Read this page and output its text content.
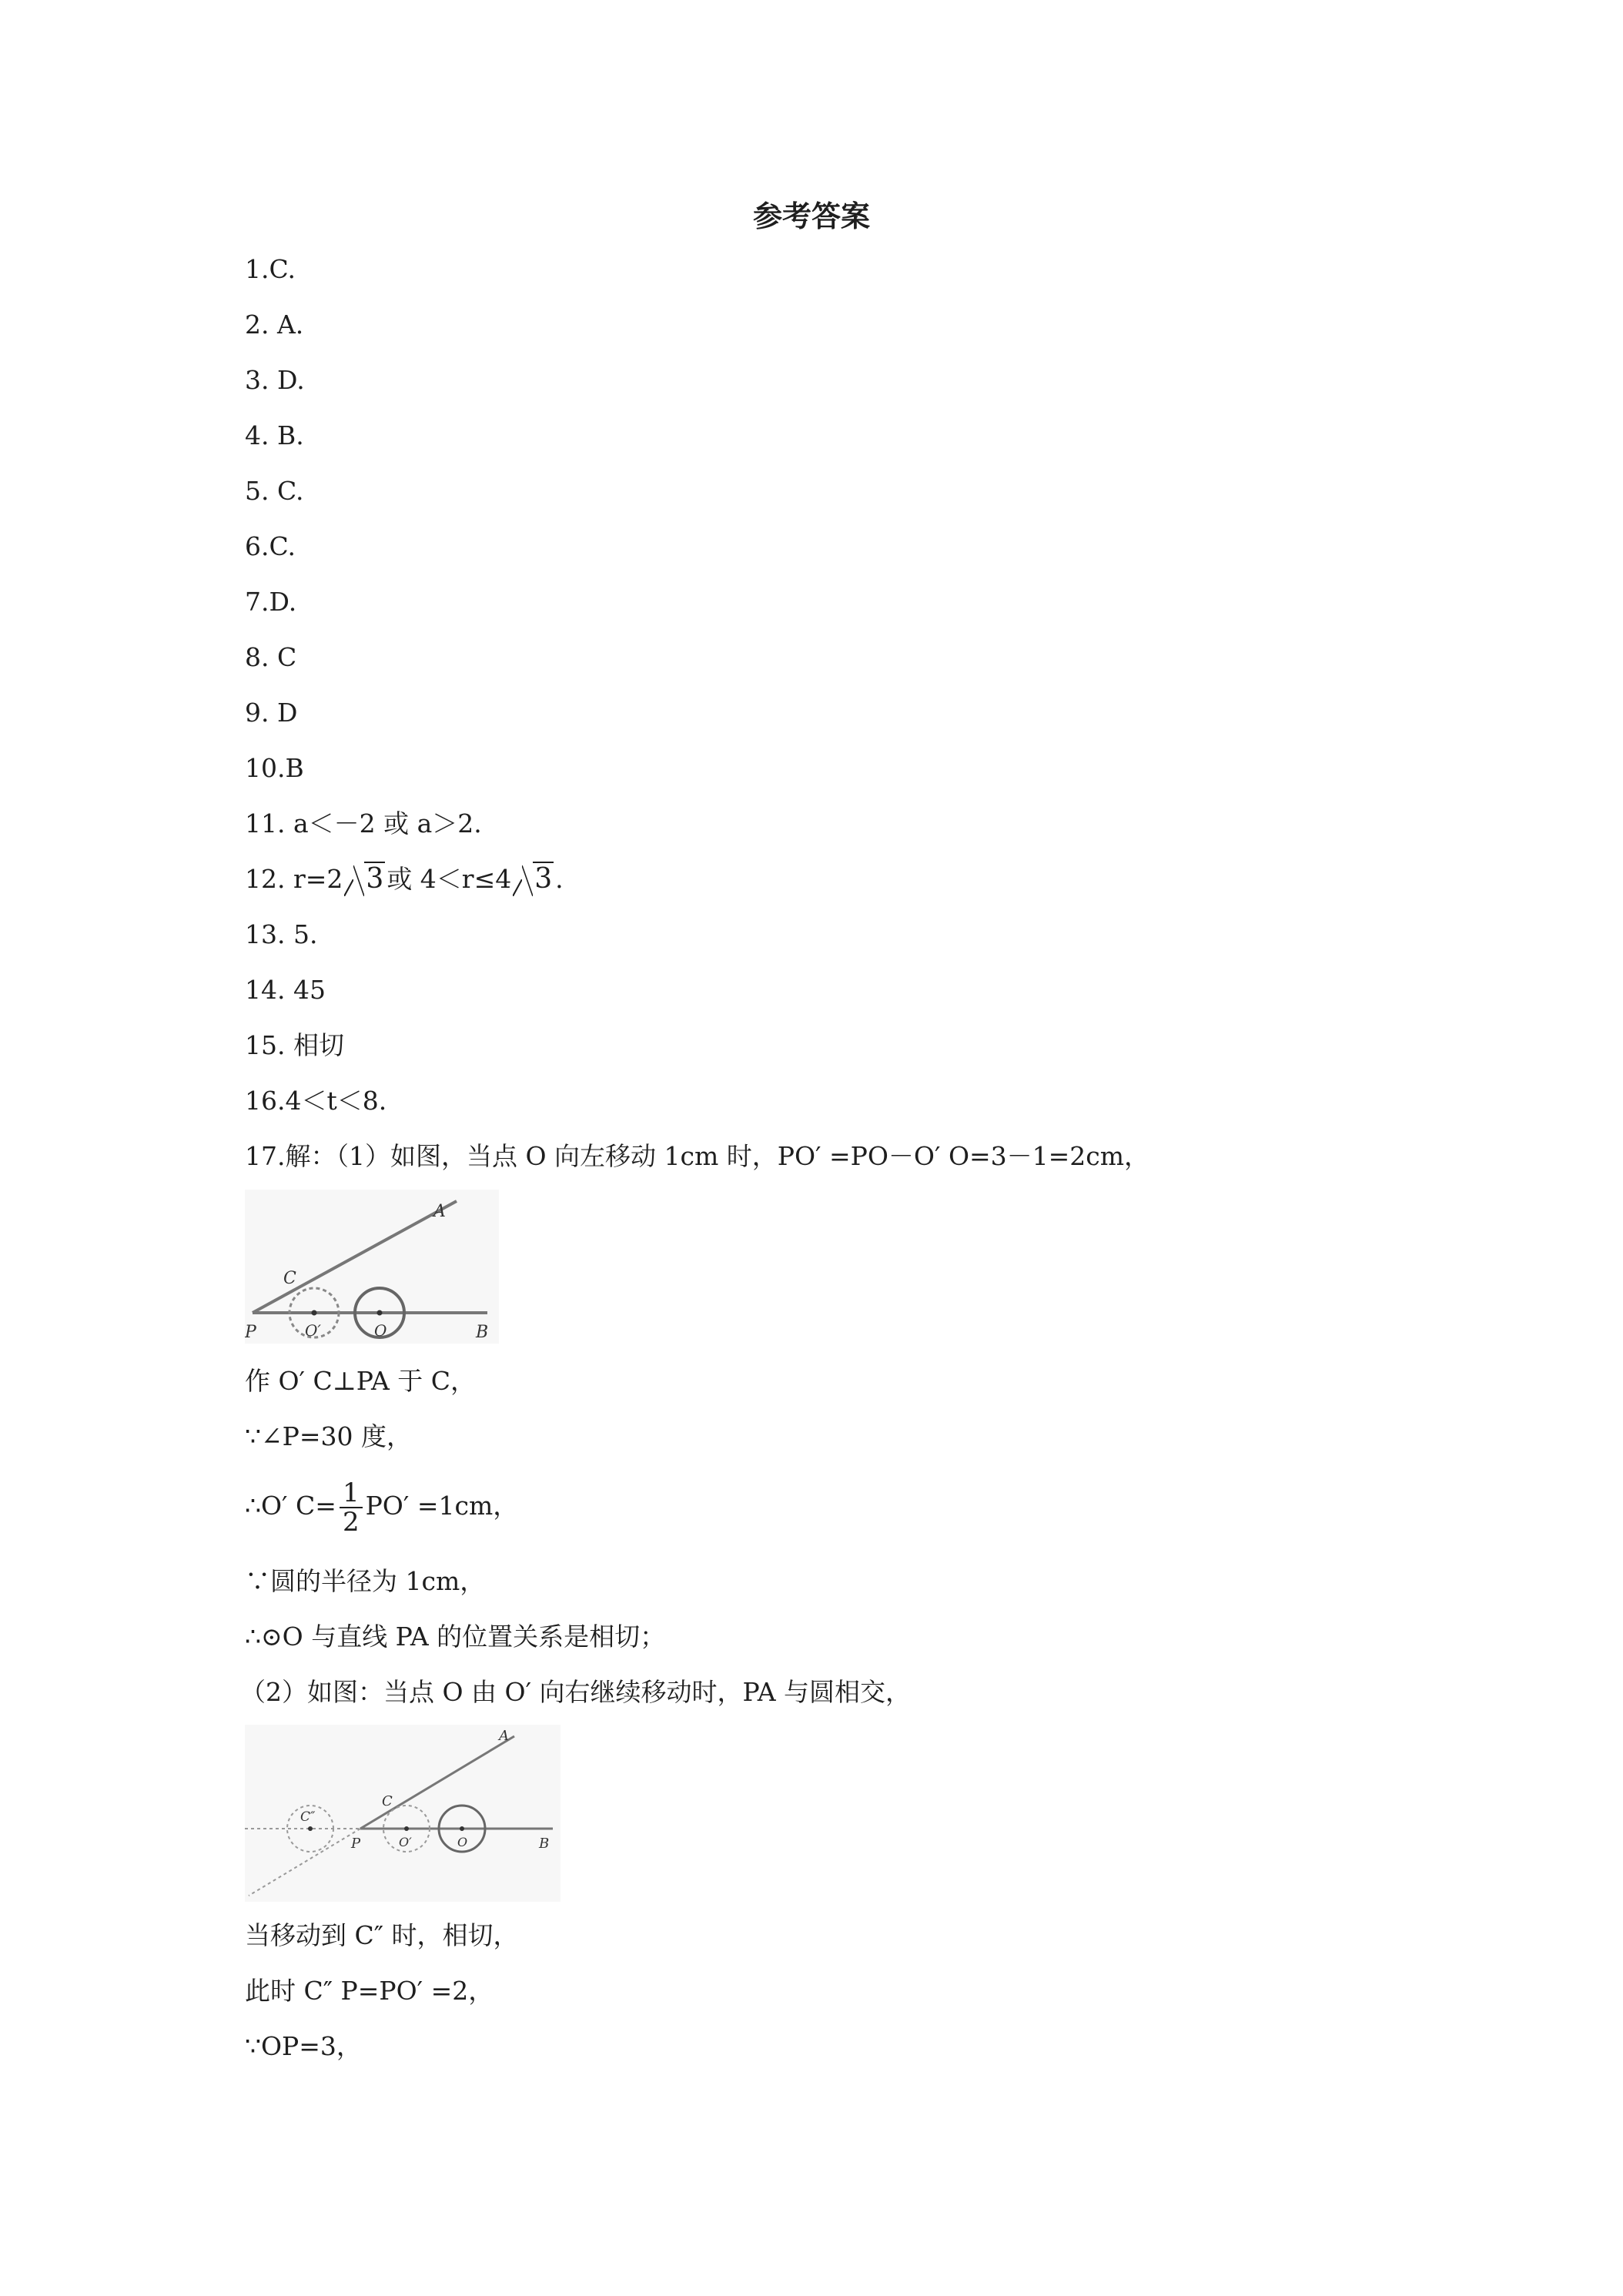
参考答案
1.C.
2. A.
3. D.
4. B.
5. C.
6.C.
7.D.
8. C
9. D
10.B
11. a＜－2 或 a＞2.
12. r=2 3 或 4＜r≤4 3 .
13. 5.
14. 45
15. 相切
16.4＜t＜8.
17.解：（1）如图，当点 O 向左移动 1cm 时，PO′ =PO－O′ O=3－1=2cm，
A
C
P	O′	O	B
作 O′ C⊥PA 于 C，
∵∠P=30 度，
∴O′ $C= \frac{1}{2} PO' =1cm$，
∵圆的半径为 1cm，
∴⊙O 与直线 PA 的位置关系是相切；
（2）如图：当点 O 由 O′ 向右继续移动时，PA 与圆相交，
A
C″
C
P	O′	O	B
当移动到 C″ 时，相切，
此时 C″ P=PO′ =2，
∵OP=3，
